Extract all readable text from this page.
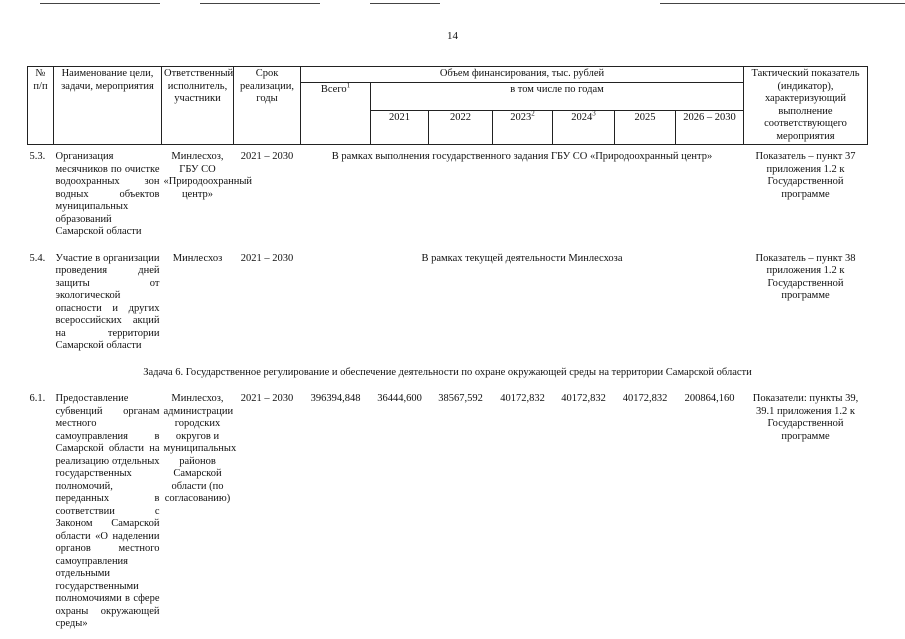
14
№ п/п	Наименование цели, задачи, мероприятия	Ответственный исполнитель, участники	Срок реализации, годы	Объем финансирования, тыс. рублей							Тактический показатель (индикатор), характеризующий выполнение соответствующего мероприятия
				Всего$^1$	в том числе по годам						
					2021	2022	2023$^2$	2024$^3$	2025	2026 – 2030	
5.3.	Организация месячников по очистке водоохранных зон водных объектов муниципальных образований Самарской области	Минлесхоз, ГБУ СО «Природоохранный центр»	2021 – 2030	В рамках выполнения государственного задания ГБУ СО «Природоохранный центр»							Показатель – пункт 37 приложения 1.2 к Государственной программе
5.4.	Участие в организации проведения дней защиты от экологической опасности и других всероссийских акций на территории Самарской области	Минлесхоз	2021 – 2030	В рамках текущей деятельности Минлесхоза							Показатель – пункт 38 приложения 1.2 к Государственной программе
Задача 6. Государственное регулирование и обеспечение деятельности по охране окружающей среды на территории Самарской области											
6.1.	Предоставление субвенций органам местного самоуправления в Самарской области на реализацию отдельных государственных полномочий, переданных в соответствии с Законом Самарской области «О наделении органов местного самоуправления отдельными государственными полномочиями в сфере охраны окружающей среды»	Минлесхоз, администрации городских округов и муниципальных районов Самарской области (по согласованию)	2021 – 2030	396394,848	36444,600	38567,592	40172,832	40172,832	40172,832	200864,160	Показатели: пункты 39, 39.1 приложения 1.2 к Государственной программе
